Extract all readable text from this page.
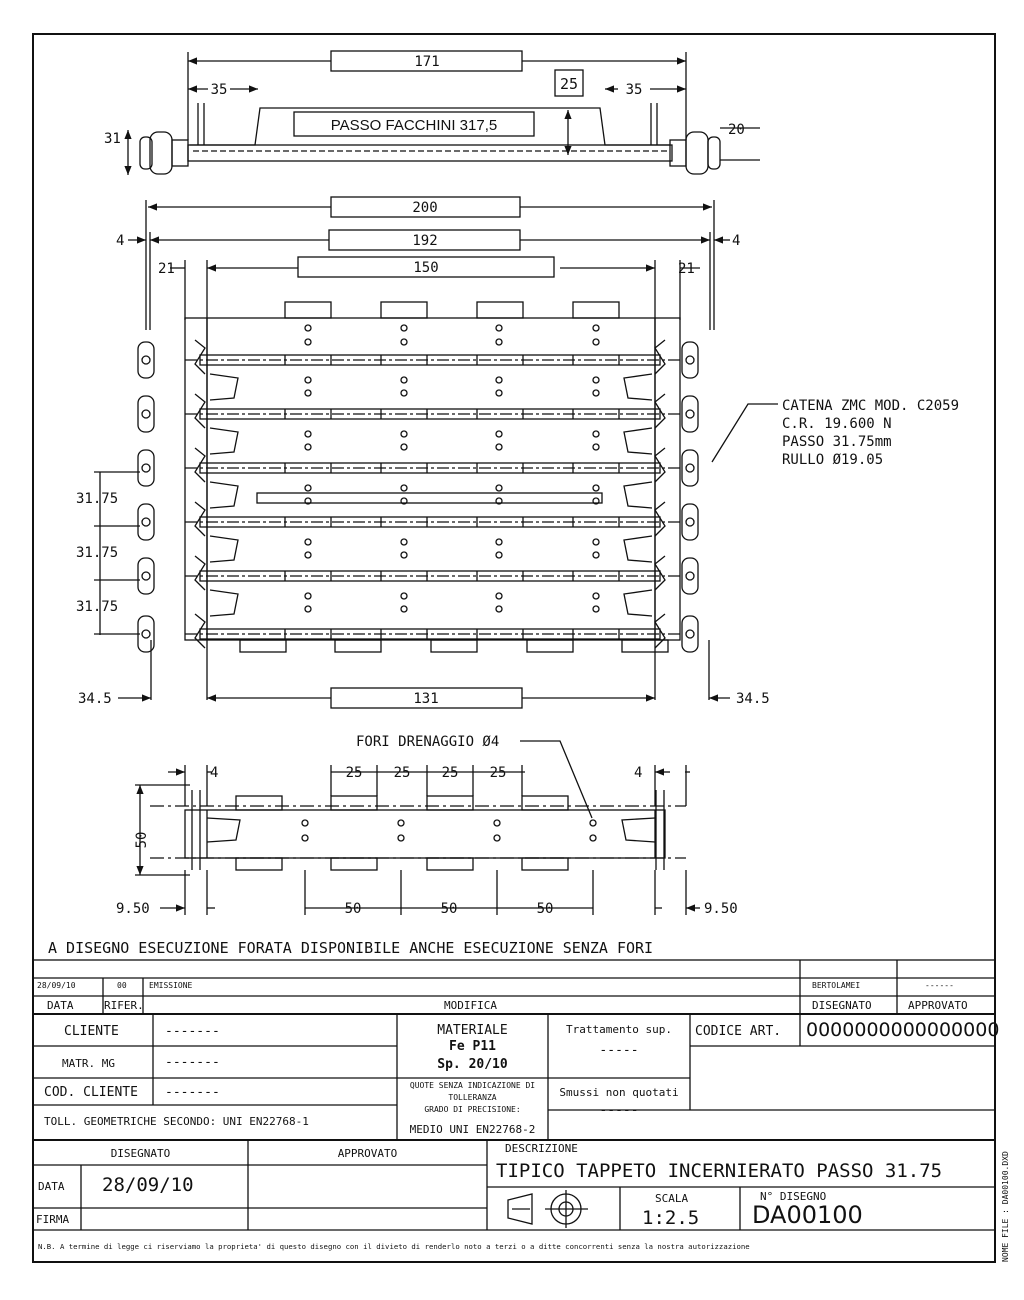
171
25
35	35
31
20
PASSO FACCHINI 317,5
200
192
150
4	4
21	21
31.75
31.75
31.75
34.5	34.5
131
CATENA ZMC MOD. C2059
C.R. 19.600 N
PASSO 31.75mm
RULLO Ø19.05
FORI DRENAGGIO Ø4
4	4
25 25 25 25
50
9.50	9.50
50	50	50
A DISEGNO ESECUZIONE FORATA DISPONIBILE ANCHE ESECUZIONE SENZA FORI
28/09/10	00	EMISSIONE	BERTOLAMEI	------
DATA	RIFER.	MODIFICA	DISEGNATO	APPROVATO
CLIENTE	-------
MATR. MG	-------
COD. CLIENTE -------
TOLL. GEOMETRICHE SECONDO: UNI EN22768-1
MATERIALE
Fe P11
Sp. 20/10
QUOTE SENZA INDICAZIONE DI
TOLLERANZA
GRADO DI PRECISIONE:
MEDIO UNI EN22768-2
Trattamento sup.
-----
Smussi non quotati
-----
CODICE ART. 0000000000000000
DISEGNATO	APPROVATO
DATA 28/09/10
FIRMA
DESCRIZIONE
TIPICO TAPPETO INCERNIERATO PASSO 31.75
SCALA
1:2.5
N° DISEGNO
DA00100
N.B. A termine di legge ci riserviamo la proprieta' di questo disegno con il divieto di renderlo noto a terzi o a ditte concorrenti senza la nostra autorizzazione	NOME FILE : DA00100.DXD
